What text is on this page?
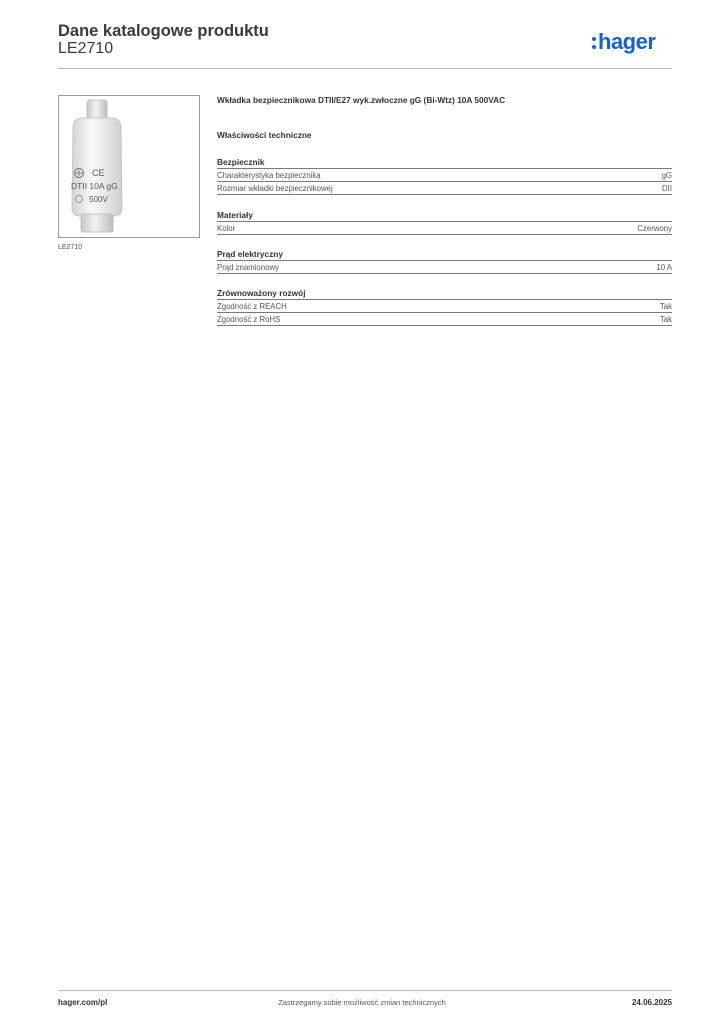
Dane katalogowe produktu
LE2710	hager
CE
DTII 10A gG
500V
LE2710
Wkładka bezpiecznikowa DTII/E27 wyk.zwłoczne gG (Bi-Wtz) 10A 500VAC
Właściwości techniczne
Bezpiecznik
Charakterystyka bezpiecznika	gG
Rozmiar wkładki bezpiecznikowej	DII
Materiały
Kolor	Czerwony
Prąd elektryczny
Prąd znamionowy	10 A
Zrównoważony rozwój
Zgodność z REACH	Tak
Zgodność z RoHS	Tak
hager.com/pl	Zastrzegamy sobie możliwość zmian technicznych	24.06.2025
